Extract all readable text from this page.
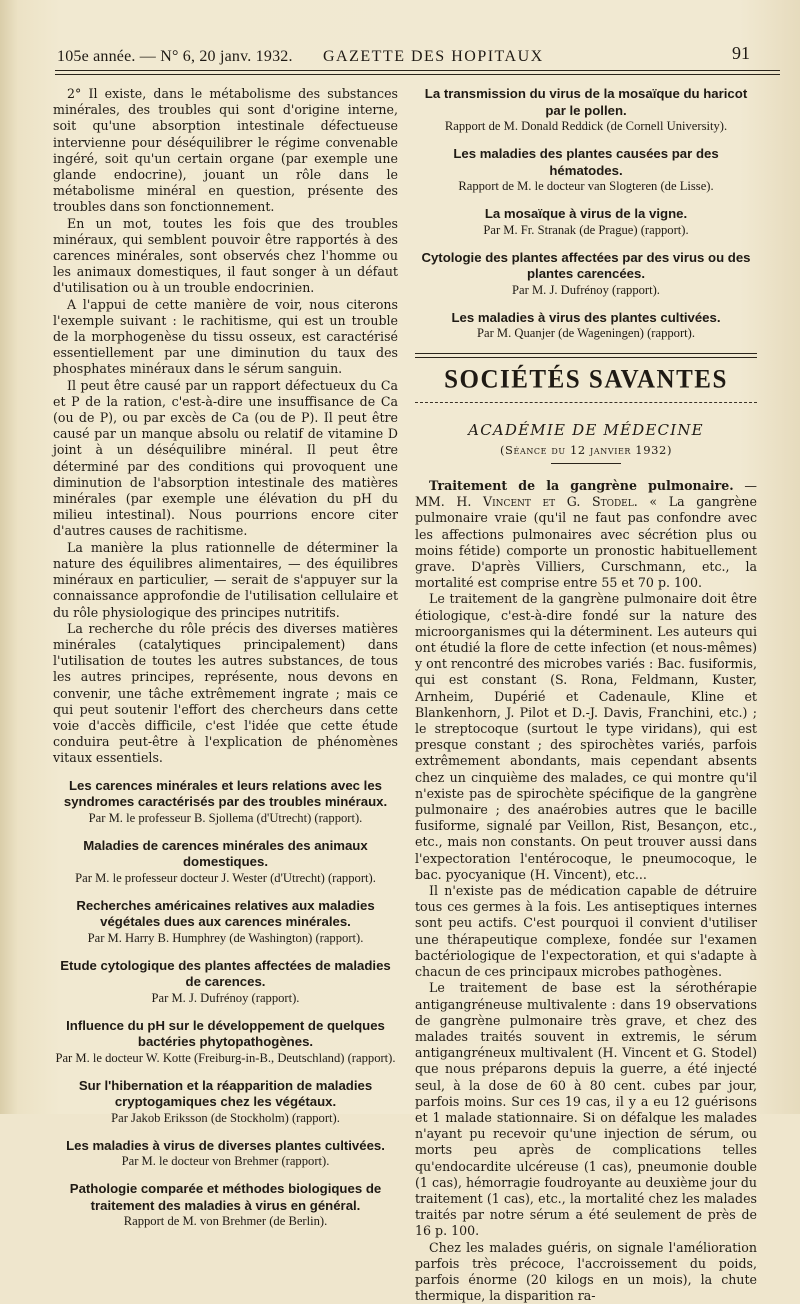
105e année. — N° 6, 20 janv. 1932. GAZETTE DES HOPITAUX	91

2° Il existe, dans le métabolisme des substances minérales, des troubles qui sont d'origine interne, soit qu'une absorption intestinale défectueuse intervienne pour déséquilibrer le régime convenable ingéré, soit qu'un certain organe (par exemple une glande endocrine), jouant un rôle dans le métabolisme minéral en question, présente des troubles dans son fonctionnement.

En un mot, toutes les fois que des troubles minéraux, qui semblent pouvoir être rapportés à des carences minérales, sont observés chez l'homme ou les animaux domestiques, il faut songer à un défaut d'utilisation ou à un trouble endocrinien.

A l'appui de cette manière de voir, nous citerons l'exemple suivant : le rachitisme, qui est un trouble de la morphogenèse du tissu osseux, est caractérisé essentiellement par une diminution du taux des phosphates minéraux dans le sérum sanguin.

Il peut être causé par un rapport défectueux du Ca et P de la ration, c'est-à-dire une insuffisance de Ca (ou de P), ou par excès de Ca (ou de P). Il peut être causé par un manque absolu ou relatif de vitamine D joint à un déséquilibre minéral. Il peut être déterminé par des conditions qui provoquent une diminution de l'absorption intestinale des matières minérales (par exemple une élévation du pH du milieu intestinal). Nous pourrions encore citer d'autres causes de rachitisme.

La manière la plus rationnelle de déterminer la nature des équilibres alimentaires, — des équilibres minéraux en particulier, — serait de s'appuyer sur la connaissance approfondie de l'utilisation cellulaire et du rôle physiologique des principes nutritifs.

La recherche du rôle précis des diverses matières minérales (catalytiques principalement) dans l'utilisation de toutes les autres substances, de tous les autres principes, représente, nous devons en convenir, une tâche extrêmement ingrate ; mais ce qui peut soutenir l'effort des chercheurs dans cette voie d'accès difficile, c'est l'idée que cette étude conduira peut-être à l'explication de phénomènes vitaux essentiels.

Les carences minérales et leurs relations avec les syndromes caractérisés par des troubles minéraux.

Par M. le professeur B. Sjollema (d'Utrecht) (rapport).

Maladies de carences minérales des animaux domestiques.

Par M. le professeur docteur J. Wester (d'Utrecht) (rapport).

Recherches américaines relatives aux maladies végétales dues aux carences minérales.

Par M. Harry B. Humphrey (de Washington) (rapport).

Etude cytologique des plantes affectées de maladies de carences.

Par M. J. Dufrénoy (rapport).

Influence du pH sur le développement de quelques bactéries phytopathogènes.

Par M. le docteur W. Kotte (Freiburg-in-B., Deutschland) (rapport).

Sur l'hibernation et la réapparition de maladies cryptogamiques chez les végétaux.

Par Jakob Eriksson (de Stockholm) (rapport).

Les maladies à virus de diverses plantes cultivées.

Par M. le docteur von Brehmer (rapport).

Pathologie comparée et méthodes biologiques de traitement des maladies à virus en général.

Rapport de M. von Brehmer (de Berlin).

La transmission du virus de la mosaïque du haricot par le pollen.

Rapport de M. Donald Reddick (de Cornell University).

Les maladies des plantes causées par des hématodes.

Rapport de M. le docteur van Slogteren (de Lisse).

La mosaïque à virus de la vigne.

Par M. Fr. Stranak (de Prague) (rapport).

Cytologie des plantes affectées par des virus ou des plantes carencées.

Par M. J. Dufrénoy (rapport).

Les maladies à virus des plantes cultivées.

Par M. Quanjer (de Wageningen) (rapport).

SOCIÉTÉS SAVANTES
ACADÉMIE DE MÉDECINE
(Séance du 12 janvier 1932)

Traitement de la gangrène pulmonaire. — MM. H. Vincent et G. Stodel. « La gangrène pulmonaire vraie (qu'il ne faut pas confondre avec les affections pulmonaires avec sécrétion plus ou moins fétide) comporte un pronostic habituellement grave. D'après Villiers, Curschmann, etc., la mortalité est comprise entre 55 et 70 p. 100.

Le traitement de la gangrène pulmonaire doit être étiologique, c'est-à-dire fondé sur la nature des microorganismes qui la déterminent. Les auteurs qui ont étudié la flore de cette infection (et nous-mêmes) y ont rencontré des microbes variés : Bac. fusiformis, qui est constant (S. Rona, Feldmann, Kuster, Arnheim, Dupérié et Cadenaule, Kline et Blankenhorn, J. Pilot et D.-J. Davis, Franchini, etc.) ; le streptocoque (surtout le type viridans), qui est presque constant ; des spirochètes variés, parfois extrêmement abondants, mais cependant absents chez un cinquième des malades, ce qui montre qu'il n'existe pas de spirochète spécifique de la gangrène pulmonaire ; des anaérobies autres que le bacille fusiforme, signalé par Veillon, Rist, Besançon, etc., etc., mais non constants. On peut trouver aussi dans l'expectoration l'entérocoque, le pneumocoque, le bac. pyocyanique (H. Vincent), etc...

Il n'existe pas de médication capable de détruire tous ces germes à la fois. Les antiseptiques internes sont peu actifs. C'est pourquoi il convient d'utiliser une thérapeutique complexe, fondée sur l'examen bactériologique de l'expectoration, et qui s'adapte à chacun de ces principaux microbes pathogènes.

Le traitement de base est la sérothérapie antigangréneuse multivalente : dans 19 observations de gangrène pulmonaire très grave, et chez des malades traités souvent in extremis, le sérum antigangréneux multivalent (H. Vincent et G. Stodel) que nous préparons depuis la guerre, a été injecté seul, à la dose de 60 à 80 cent. cubes par jour, parfois moins. Sur ces 19 cas, il y a eu 12 guérisons et 1 malade stationnaire. Si on défalque les malades n'ayant pu recevoir qu'une injection de sérum, ou morts peu après de complications telles qu'endocardite ulcéreuse (1 cas), pneumonie double (1 cas), hémorragie foudroyante au deuxième jour du traitement (1 cas), etc., la mortalité chez les malades traités par notre sérum a été seulement de près de 16 p. 100.

Chez les malades guéris, on signale l'amélioration parfois très précoce, l'accroissement du poids, parfois énorme (20 kilogs en un mois), la chute thermique, la disparition ra-
